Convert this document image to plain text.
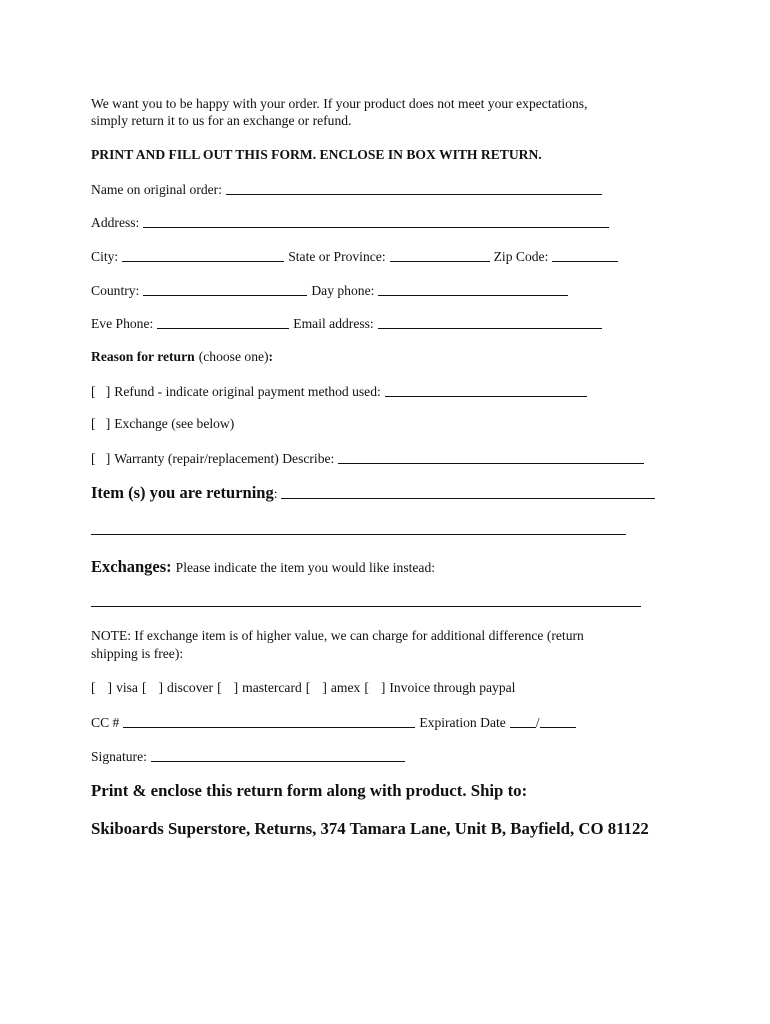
We want you to be happy with your order. If your product does not meet your expectations,

simply return it to us for an exchange or refund.

PRINT AND FILL OUT THIS FORM. ENCLOSE IN BOX WITH RETURN.

Name on original order:
Address:
City:	State or Province:	Zip Code:
Country:	Day phone:
Eve Phone:	Email address:
Reason for return (choose one) :
[   ] Refund - indicate original payment method used:
[   ] Exchange (see below)
[   ] Warranty (repair/replacement) Describe:
Item (s) you are returning :
Exchanges: Please indicate the item you would like instead:

NOTE: If exchange item is of higher value, we can charge for additional difference (return

shipping is free):

[ ] visa [ ] discover [ ] mastercard [ ] amex [ ] Invoice through paypal
CC #	Expiration Date /
Signature:

Print & enclose this return form along with product. Ship to:

Skiboards Superstore, Returns, 374 Tamara Lane, Unit B, Bayfield, CO 81122
